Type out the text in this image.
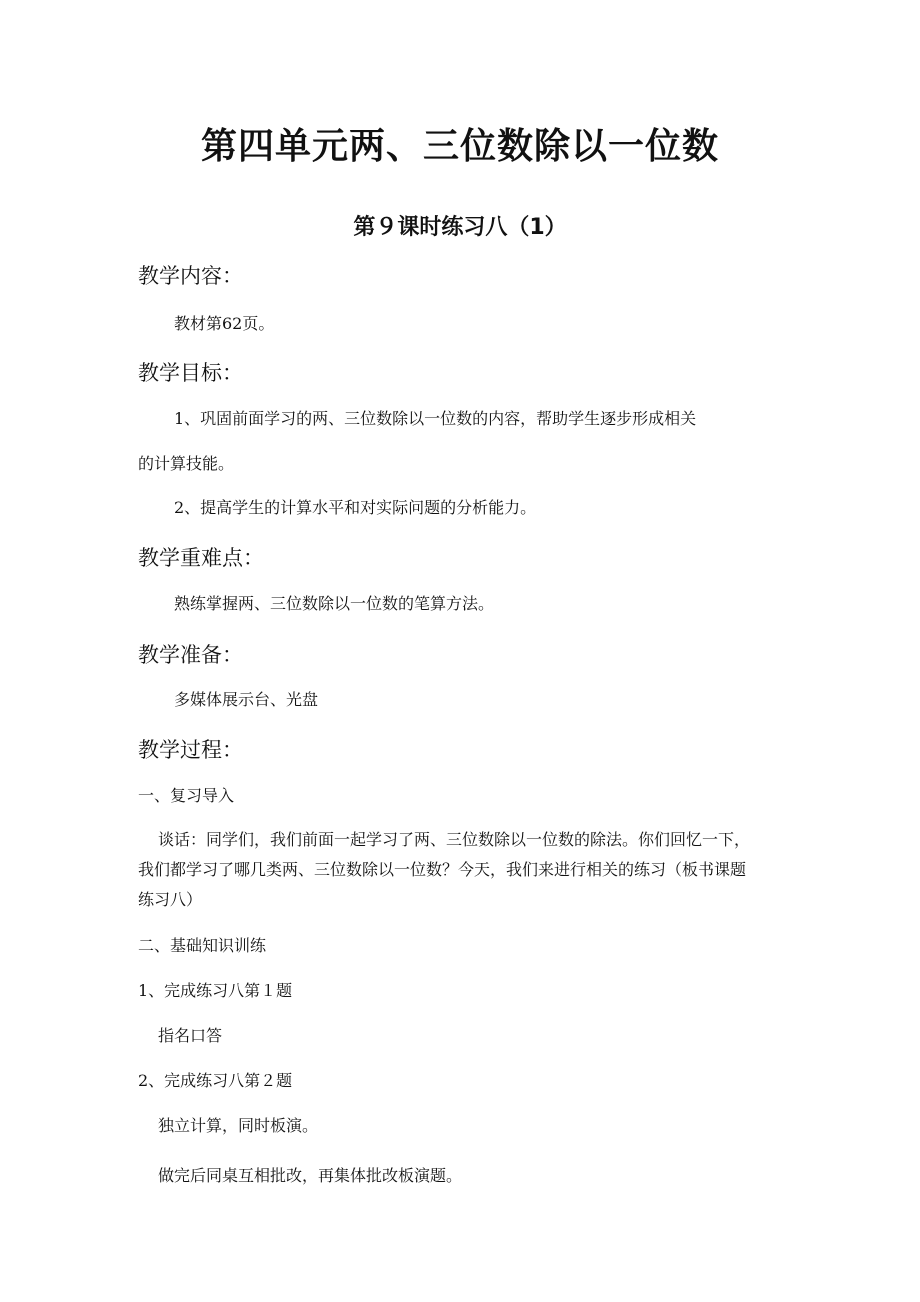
第四单元两、三位数除以一位数
第９课时练习八（1）
教学内容：

教材第62页。

教学目标：

1、巩固前面学习的两、三位数除以一位数的内容，帮助学生逐步形成相关

的计算技能。

2、提高学生的计算水平和对实际问题的分析能力。

教学重难点：

熟练掌握两、三位数除以一位数的笔算方法。

教学准备：

多媒体展示台、光盘

教学过程：

一、复习导入

谈话：同学们，我们前面一起学习了两、三位数除以一位数的除法。你们回忆一下，

我们都学习了哪几类两、三位数除以一位数？今天，我们来进行相关的练习（板书课题

练习八）

二、基础知识训练

1、完成练习八第１题

指名口答

2、完成练习八第２题

独立计算，同时板演。

做完后同桌互相批改，再集体批改板演题。
